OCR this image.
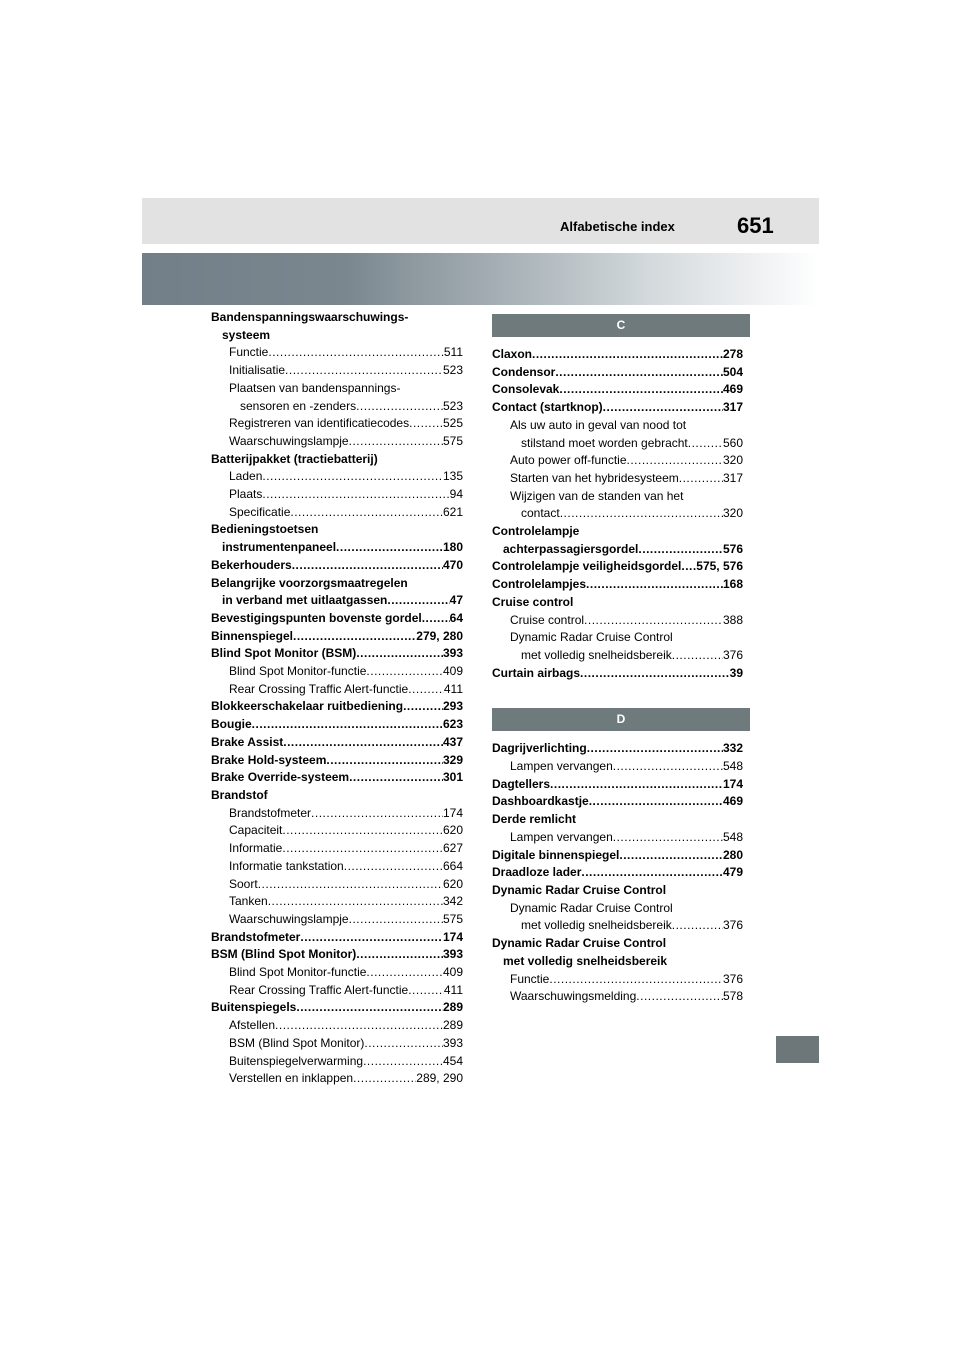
Alfabetische index	651
Bandenspanningswaarschuwings-
systeem
Functie .....	511
Initialisatie .....	523
Plaatsen van bandenspannings-
sensoren en -zenders .....	523
Registreren van identificatiecodes .....	525
Waarschuwingslampje .....	575
Batterijpakket (tractiebatterij)
Laden .....	135
Plaats .....	94
Specificatie .....	621
Bedieningstoetsen
instrumentenpaneel .....	180
Bekerhouders .....	470
Belangrijke voorzorgsmaatregelen
in verband met uitlaatgassen .....	47
Bevestigingspunten bovenste gordel ..... 64
Binnenspiegel .....	279, 280
Blind Spot Monitor (BSM) .....	393
Blind Spot Monitor-functie .....	409
Rear Crossing Traffic Alert-functie .....	411
Blokkeerschakelaar ruitbediening .....	293
Bougie .....	623
Brake Assist .....	437
Brake Hold-systeem .....	329
Brake Override-systeem .....	301
Brandstof
Brandstofmeter .....	174
Capaciteit .....	620
Informatie .....	627
Informatie tankstation .....	664
Soort .....	620
Tanken .....	342
Waarschuwingslampje .....	575
Brandstofmeter .....	174
BSM (Blind Spot Monitor) .....	393
Blind Spot Monitor-functie .....	409
Rear Crossing Traffic Alert-functie .....	411
Buitenspiegels .....	289
Afstellen .....	289
BSM (Blind Spot Monitor) .....	393
Buitenspiegelverwarming .....	454
Verstellen en inklappen .....	289, 290
C
Claxon .....	278
Condensor .....	504
Consolevak .....	469
Contact (startknop) .....	317
Als uw auto in geval van nood tot
stilstand moet worden gebracht .....	560
Auto power off-functie .....	320
Starten van het hybridesysteem .....	317
Wijzigen van de standen van het
contact .....	320
Controlelampje
achterpassagiersgordel .....	576
Controlelampje veiligheidsgordel ..... 575, 576
Controlelampjes .....	168
Cruise control
Cruise control .....	388
Dynamic Radar Cruise Control
met volledig snelheidsbereik .....	376
Curtain airbags .....	39
D
Dagrijverlichting .....	332
Lampen vervangen .....	548
Dagtellers .....	174
Dashboardkastje .....	469
Derde remlicht
Lampen vervangen .....	548
Digitale binnenspiegel .....	280
Draadloze lader .....	479
Dynamic Radar Cruise Control
Dynamic Radar Cruise Control
met volledig snelheidsbereik .....	376
Dynamic Radar Cruise Control
met volledig snelheidsbereik
Functie .....	376
Waarschuwingsmelding .....	578
